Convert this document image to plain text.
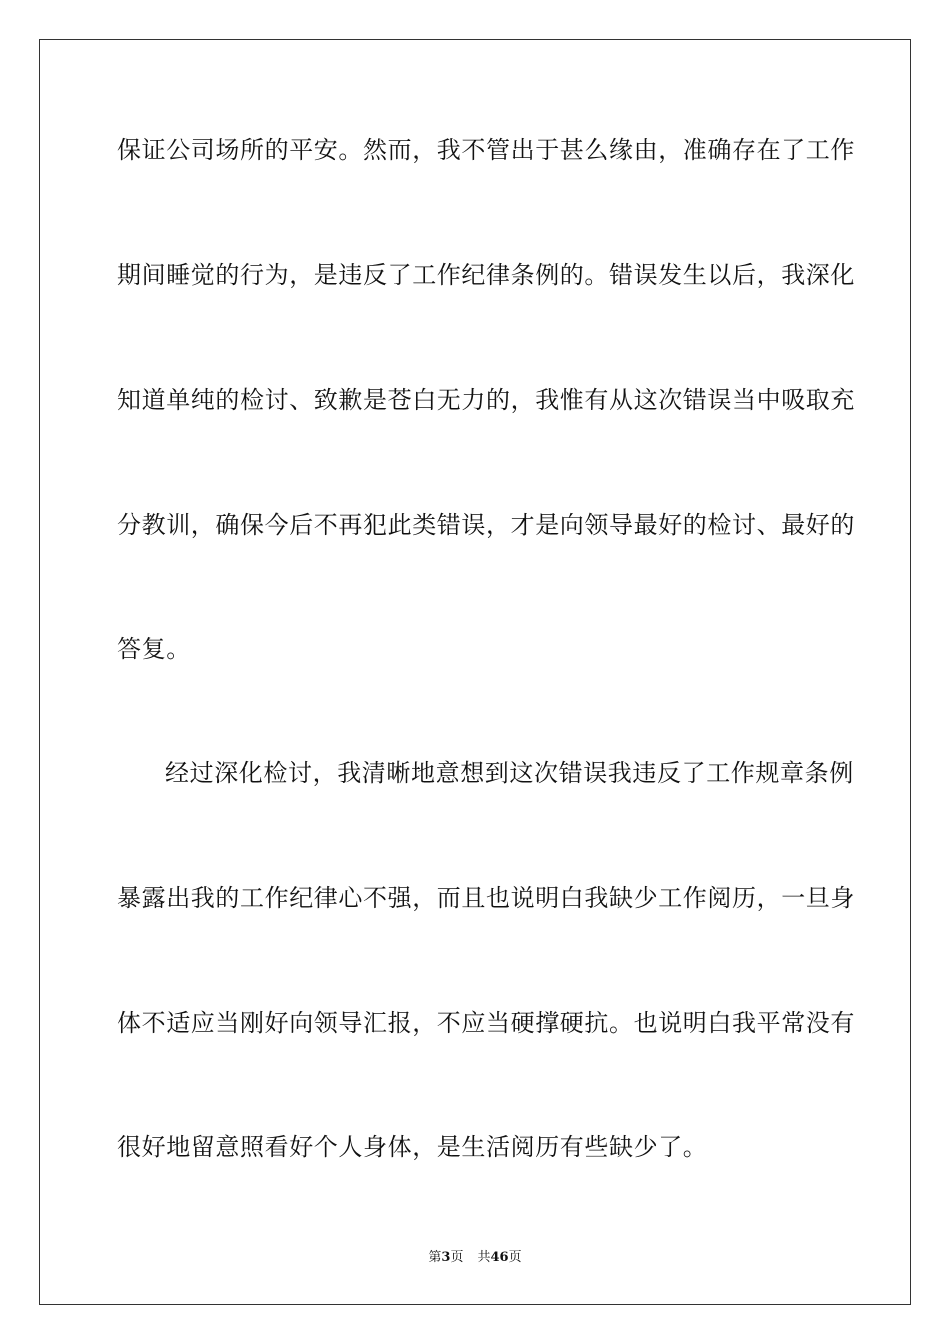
保证公司场所的平安。然而，我不管出于甚么缘由，准确存在了工作
期间睡觉的行为，是违反了工作纪律条例的。错误发生以后，我深化
知道单纯的检讨、致歉是苍白无力的，我惟有从这次错误当中吸取充
分教训，确保今后不再犯此类错误，才是向领导最好的检讨、最好的
答复。
经过深化检讨，我清晰地意想到这次错误我违反了工作规章条例
暴露出我的工作纪律心不强，而且也说明白我缺少工作阅历，一旦身
体不适应当刚好向领导汇报，不应当硬撑硬抗。也说明白我平常没有
很好地留意照看好个人身体，是生活阅历有些缺少了。
第3页 共46页
